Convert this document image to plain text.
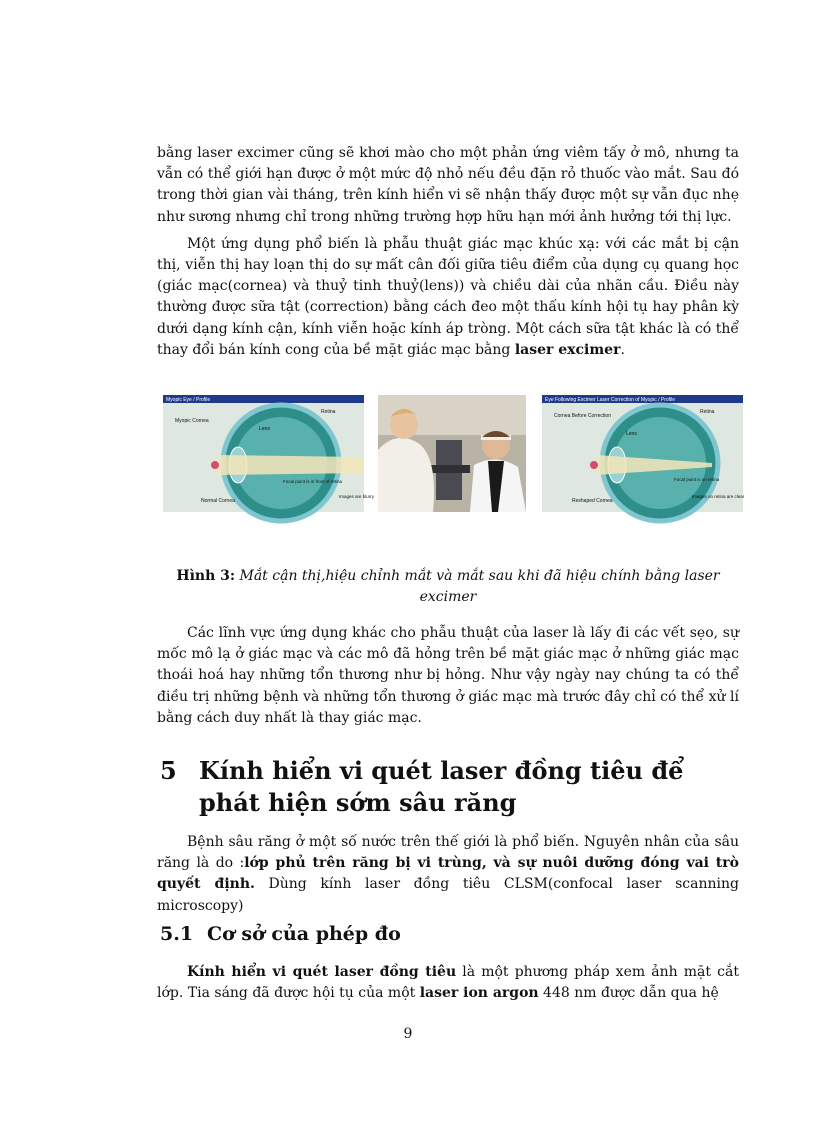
bằng laser excimer cũng sẽ khơi mào cho một phản ứng viêm tấy ở mô, nhưng ta vẫn có thể giới hạn được ở một mức độ nhỏ nếu đều đặn rỏ thuốc vào mắt. Sau đó trong thời gian vài tháng, trên kính hiển vi sẽ nhận thấy được một sự vẫn đục nhẹ như sương nhưng chỉ trong những trường hợp hữu hạn mới ảnh hưởng tới thị lực.

Một ứng dụng phổ biến là phẫu thuật giác mạc khúc xạ: với các mắt bị cận thị, viễn thị hay loạn thị do sự mất cân đối giữa tiêu điểm của dụng cụ quang học (giác mạc(cornea) và thuỷ tinh thuỷ(lens)) và chiều dài của nhãn cầu. Điều này thường được sữa tật (correction) bằng cách đeo một thấu kính hội tụ hay phân kỳ dưới dạng kính cận, kính viễn hoặc kính áp tròng. Một cách sữa tật khác là có thể thay đổi bán kính cong của bề mặt giác mạc bằng laser excimer.

Myopic Eye / Profile
Retina
Myopic Cornea
Lens
Focal point is in front of retina
Images are blurry
Normal Cornea
Eye Following Excimer Laser Correction of Myopic / Profile
Retina
Cornea Before Correction
Lens
Focal point is on retina
Images on retina are clear
Reshaped Cornea
Hình 3: Mắt cận thị,hiệu chỉnh mắt và mắt sau khi đã hiệu chính bằng laser excimer

Các lĩnh vực ứng dụng khác cho phẫu thuật của laser là lấy đi các vết sẹo, sự mốc mô lạ ở giác mạc và các mô đã hỏng trên bề mặt giác mạc ở những giác mạc thoái hoá hay những tổn thương như bị hỏng. Như vậy ngày nay chúng ta có thể điều trị những bệnh và những tổn thương ở giác mạc mà trước đây chỉ có thể xử lí bằng cách duy nhất là thay giác mạc.

5 Kính hiển vi quét laser đồng tiêu để phát hiện sớm sâu răng

Bệnh sâu răng ở một số nước trên thế giới là phổ biến. Nguyên nhân của sâu răng là do :lớp phủ trên răng bị vi trùng, và sự nuôi dưỡng đóng vai trò quyết định. Dùng kính laser đồng tiêu CLSM(confocal laser scanning microscopy)

5.1 Cơ sở của phép đo

Kính hiển vi quét laser đồng tiêu là một phương pháp xem ảnh mặt cắt lớp. Tia sáng đã được hội tụ của một laser ion argon 448 nm được dẫn qua hệ

9
